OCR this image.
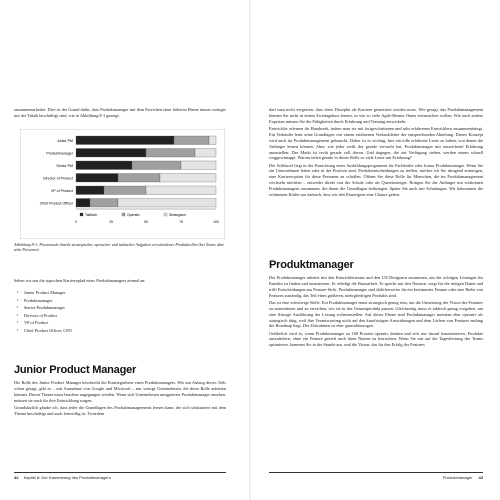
zusammenarbeitet. Dies ist der Grund dafür, dass Produktmanager mit dem Erreichen einer höheren Ebene immer weniger mit der Taktik beschäftigt sind, wie in Abbildung 8-1 gezeigt.

Junior PM
Produktmanager
Senior PM
Director of Product
VP of Product
Chief Product Officer
0	25	50	75	100
Taktisch	Operativ	Strategisch
Abbildung 8-1: Prozentuale Anteile strategischer, operativer und taktischer Aufgaben verschiedener Produktrollen (bei Teams über zehn Personen)

Sehen wir uns die typischen Karrierepfad eines Produktmanagers einmal an:

▪ Junior Product Manager
▪ Produktmanager
▪ Senior-Produktmanager
▪ Director of Product
▪ VP of Product
▪ Chief Product Officer, CPO
Junior Product Manager

Die Rolle des Junior Product Manager beschreibt die Einstiegsebene eines Produktmanagers. Wie am Anfang dieses Teils schon gesagt, gibt es – mit Ausnahme von Google und Microsoft – nur wenige Unternehmen, die diese Rolle anbieten können. Dieses Thema muss beachtet angegangen werden. Wenn sich Unternehmen unsignierter Produktmanager ansehen, müssen sie auch für ihre Entwicklung sorgen.

Grundsätzlich glaube ich, dass jeder die Grundlagen des Produktmanagements lernen kann, der sich strukturiert mit dem Thema beschäftigt und auch lernwillig ist. Trotzdem

42 Kapitel 8: Der Karriereweg des Produktmanagers

darf man nicht vergessen, dass diese Disziplin als Karriere gemeistert werden muss. Wie gesagt, das Produktmanagement können Sie nicht in einem Zweitagekurs lernen, so wie so viele Agile-Berater Ihnen weismachen wollen. Wie auch andere Experten müssen Sie die Fähigkeiten durch Erfahrung und Training entwickeln.

Entwickler erlernen ihr Handwerk, indem man sie mit fortgeschrittenen und sehr erfahrenen Entwicklern zusammenbringt. Ein Verkäufer lernt seine Grundlagen von einem erfahrenen Verkaufsleiter der entsprechenden Abteilung. Dieses Konzept wird auch im Produktmanagement gebraucht. Daher ist es wichtig, hier ein tolle erfahrene Leute zu haben, von denen die Anfänger lernen können. Aber, wie jeder weiß, der gerade versucht hat, Produktmanager mit ausreichend Erfahrung anzustellen: Der Markt ist recht gerade voll davon. Und dagegen, die zur Verfügung stehen, werden einem schnell weggeschnappt. Warum teilen gerade in dieser Rolle so viele Leute mit Erfahrung?

Der Schlüssel liegt in der Einrichtung eines Ausbildungsprogramms für Fachkräfte oder Junior Produktmanager. Wenn Sie ein Unternehmen leiten oder in der Position sind, Produktentscheidungen zu treffen, möchte ich Sie dringend ermutigen, eine Karriereoption für diese Personen zu schaffen. Öffnen Sie diese Rolle für Menschen, die im Produktmanagement wechseln möchten – entweder direkt von der Schule oder als Quereinsteiger. Bringen Sie die Anfänger mit erfahrenen Produktmanagern zusammen, die ihnen die Grundlagen beibringen. Später Sie auch mit Schulungen. Wir bekommen die erfahrenen Kräfte nur dadurch, dass wir den Einsteigern eine Chance geben.

Produktmanager

Der Produktmanager arbeitet mit den Entwicklerteams und den UX-Designern zusammen, um die richtigen Lösungen für Kunden zu finden und umzusetzen. Er erledigt die Basisarbeit. Er spricht mit den Nutzern, sorgt für die nötigen Daten und trifft Entscheidungen aus Feature-Sicht. Produktmanager sind üblicherweise für ein bestimmtes Feature oder eine Reihe von Features zuständig, das Teil eines größeren, mehrgliedrigen Produkts sind.

Das ist eine schwierige Rolle. Ein Produktmanager muss strategisch genug sein, um die Umsetzung der Vision der Features zu unterstützen und zu erreichen, wie sie in das Gesamtprodukt passen. Gleichzeitig muss er taktisch genug vorgehen, um eine flüssige Ausführung der Lösung sicherzustellen. Auf dieser Ebene sind Produktmanager meistens eher operativ als strategisch tätig, weil ihre Verantwortung nicht auf den kurzfristigen Auswirkungen und dem Liefern von Features entlang der Roadmap liegt. Der Zeitrahmen ist eher quartalsbezogen.

Gefährlich wird es, wenn Produktmanager zu 100 Prozent operativ denken und sich nur darauf konzentrieren, Produkte auszuliefern, ohne ein Feature gezielt nach ihren Nutzen zu betrachten. Wenn Sie mit auf die Tagesleistung des Teams optimieren, kommen Sie in der Stunde aus, und die Vision, das für den Erfolg der Features

Produktmanager 43
